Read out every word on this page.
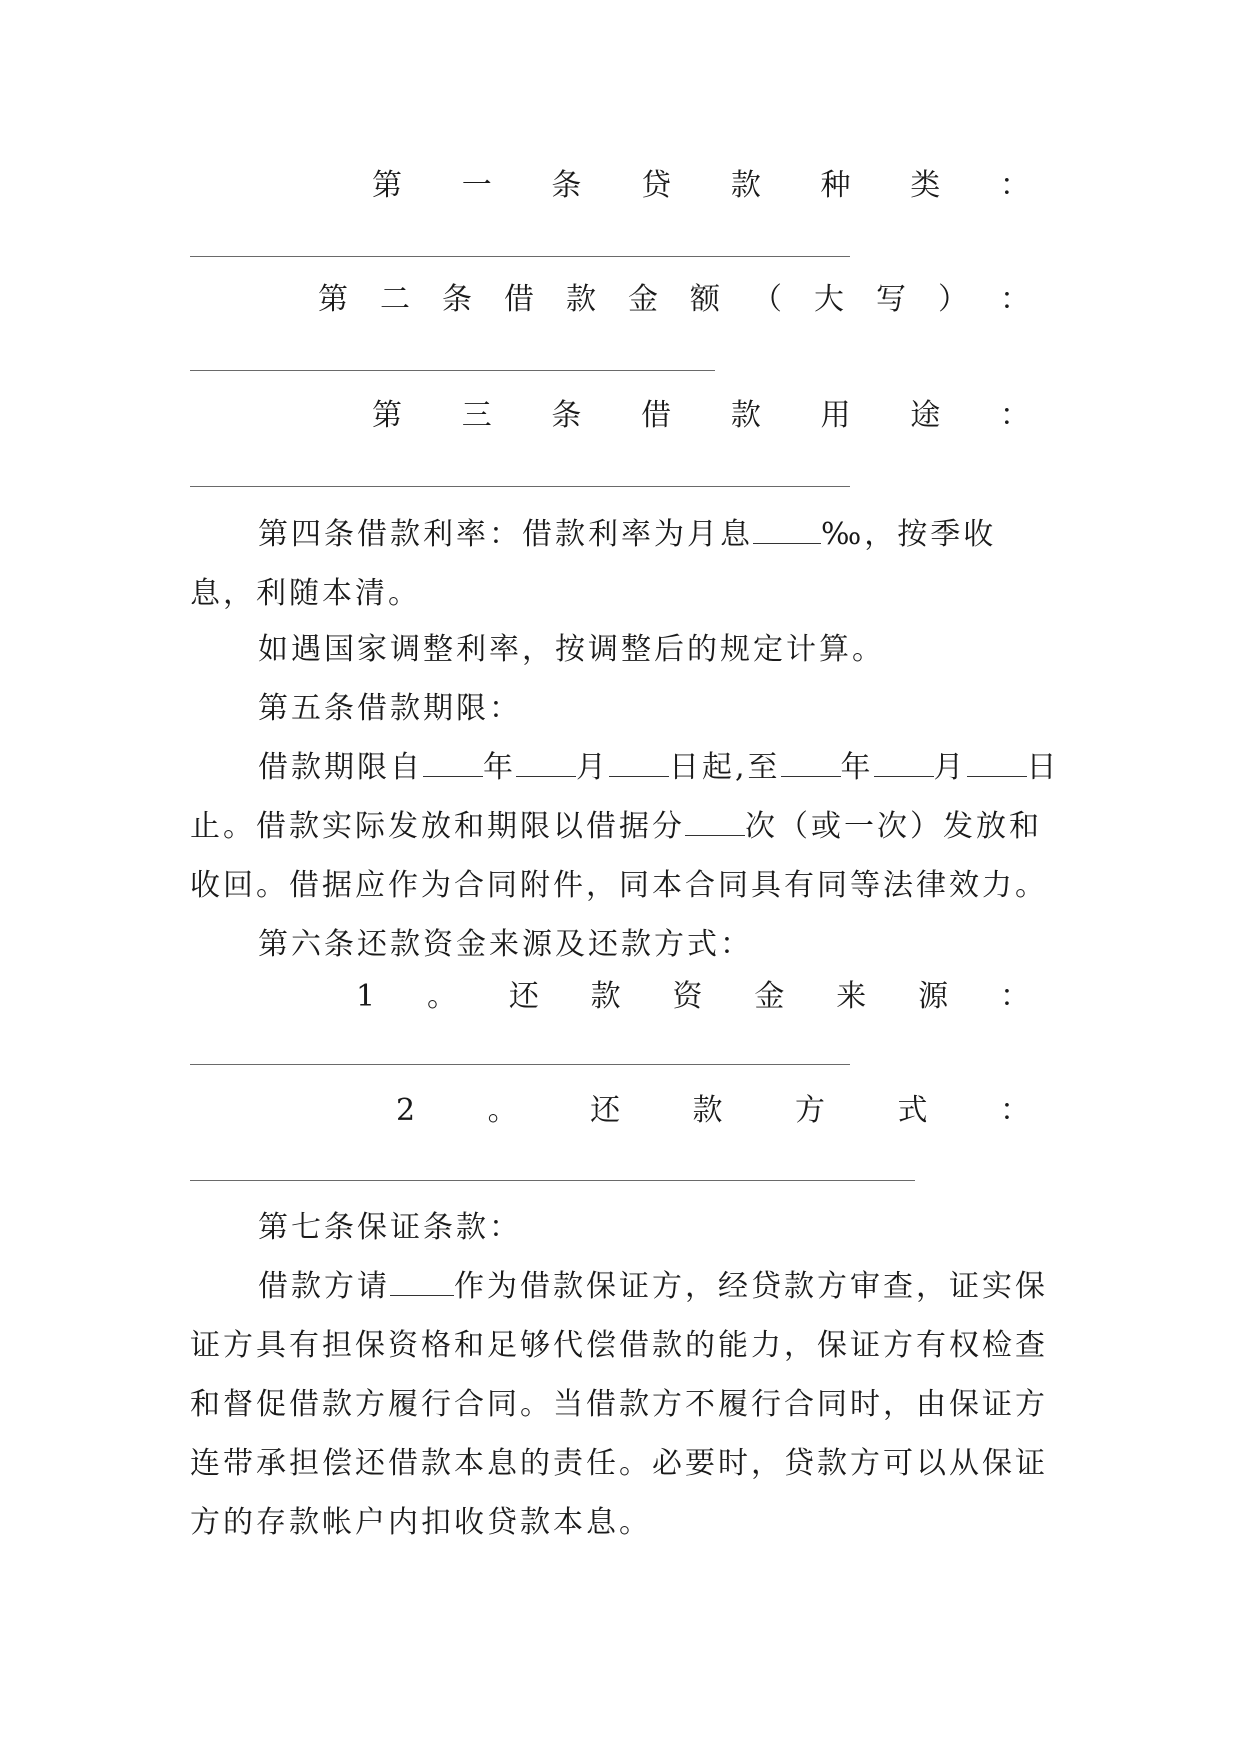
第 一 条 贷 款 种 类 ：
第 二 条 借 款 金 额 （ 大 写 ） ：
第 三 条 借 款 用 途 ：

第四条借款利率：借款利率为月息 ‰，按季收息，利随本清。

如遇国家调整利率，按调整后的规定计算。

第五条借款期限：

借款期限自 年 月 日起,至 年 月 日止。借款实际发放和期限以借据分 次（或一次）发放和收回。借据应作为合同附件，同本合同具有同等法律效力。

第六条还款资金来源及还款方式：

1 。 还 款 资 金 来 源 ：
2 。 还 款 方 式 ：

第七条保证条款：

借款方请 作为借款保证方，经贷款方审查，证实保证方具有担保资格和足够代偿借款的能力，保证方有权检查和督促借款方履行合同。当借款方不履行合同时，由保证方连带承担偿还借款本息的责任。必要时，贷款方可以从保证方的存款帐户内扣收贷款本息。
